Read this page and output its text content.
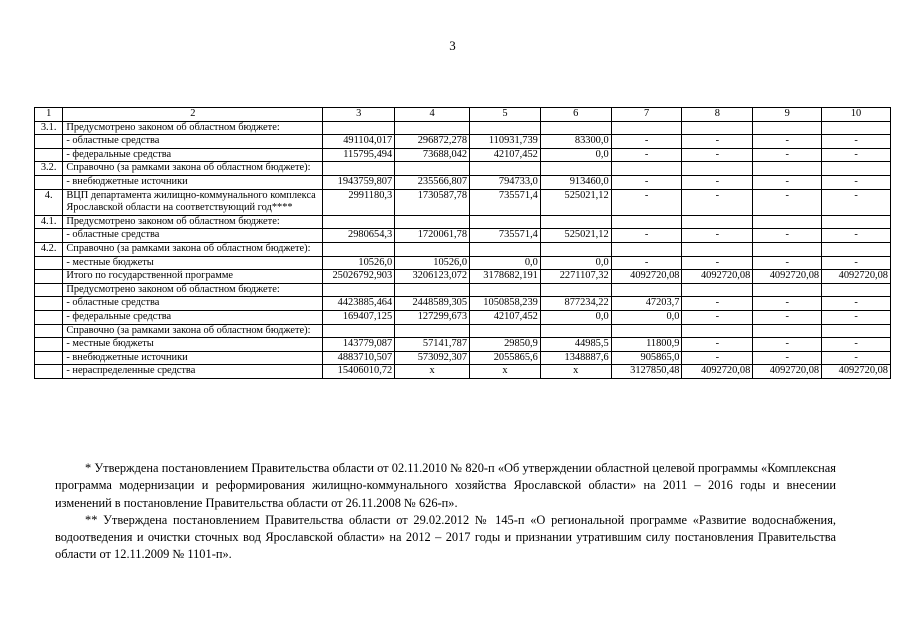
3
1	2	3	4	5	6	7	8	9	10
3.1.	Предусмотрено законом об областном бюджете:								
	- областные средства	491104,017	296872,278	110931,739	83300,0	-	-	-	-
	- федеральные средства	115795,494	73688,042	42107,452	0,0	-	-	-	-
3.2.	Справочно (за рамками закона об областном бюджете):								
	- внебюджетные источники	1943759,807	235566,807	794733,0	913460,0	-	-	-	-
4.	ВЦП департамента жилищно-коммунального комплекса Ярославской области на соответствующий год****	2991180,3	1730587,78	735571,4	525021,12	-	-	-	-
4.1.	Предусмотрено законом об областном бюджете:								
	- областные средства	2980654,3	1720061,78	735571,4	525021,12	-	-	-	-
4.2.	Справочно (за рамками закона об областном бюджете):								
	- местные бюджеты	10526,0	10526,0	0,0	0,0	-	-	-	-
	Итого по государственной программе	25026792,903	3206123,072	3178682,191	2271107,32	4092720,08	4092720,08	4092720,08	4092720,08
	Предусмотрено законом об областном бюджете:								
	- областные средства	4423885,464	2448589,305	1050858,239	877234,22	47203,7	-	-	-
	- федеральные средства	169407,125	127299,673	42107,452	0,0	0,0	-	-	-
	Справочно (за рамками закона об областном бюджете):								
	- местные бюджеты	143779,087	57141,787	29850,9	44985,5	11800,9	-	-	-
	- внебюджетные источники	4883710,507	573092,307	2055865,6	1348887,6	905865,0	-	-	-
	- нераспределенные средства	15406010,72	х	х	х	3127850,48	4092720,08	4092720,08	4092720,08

* Утверждена постановлением Правительства области от 02.11.2010 № 820-п «Об утверждении областной целевой программы «Комплексная программа модернизации и реформирования жилищно-коммунального хозяйства Ярославской области» на 2011 – 2016 годы и внесении изменений в постановление Правительства области от 26.11.2008 № 626-п».

** Утверждена постановлением Правительства области от 29.02.2012 № 145-п «О региональной программе «Развитие водоснабжения, водоотведения и очистки сточных вод Ярославской области» на 2012 – 2017 годы и признании утратившим силу постановления Правительства области от 12.11.2009 № 1101-п».
